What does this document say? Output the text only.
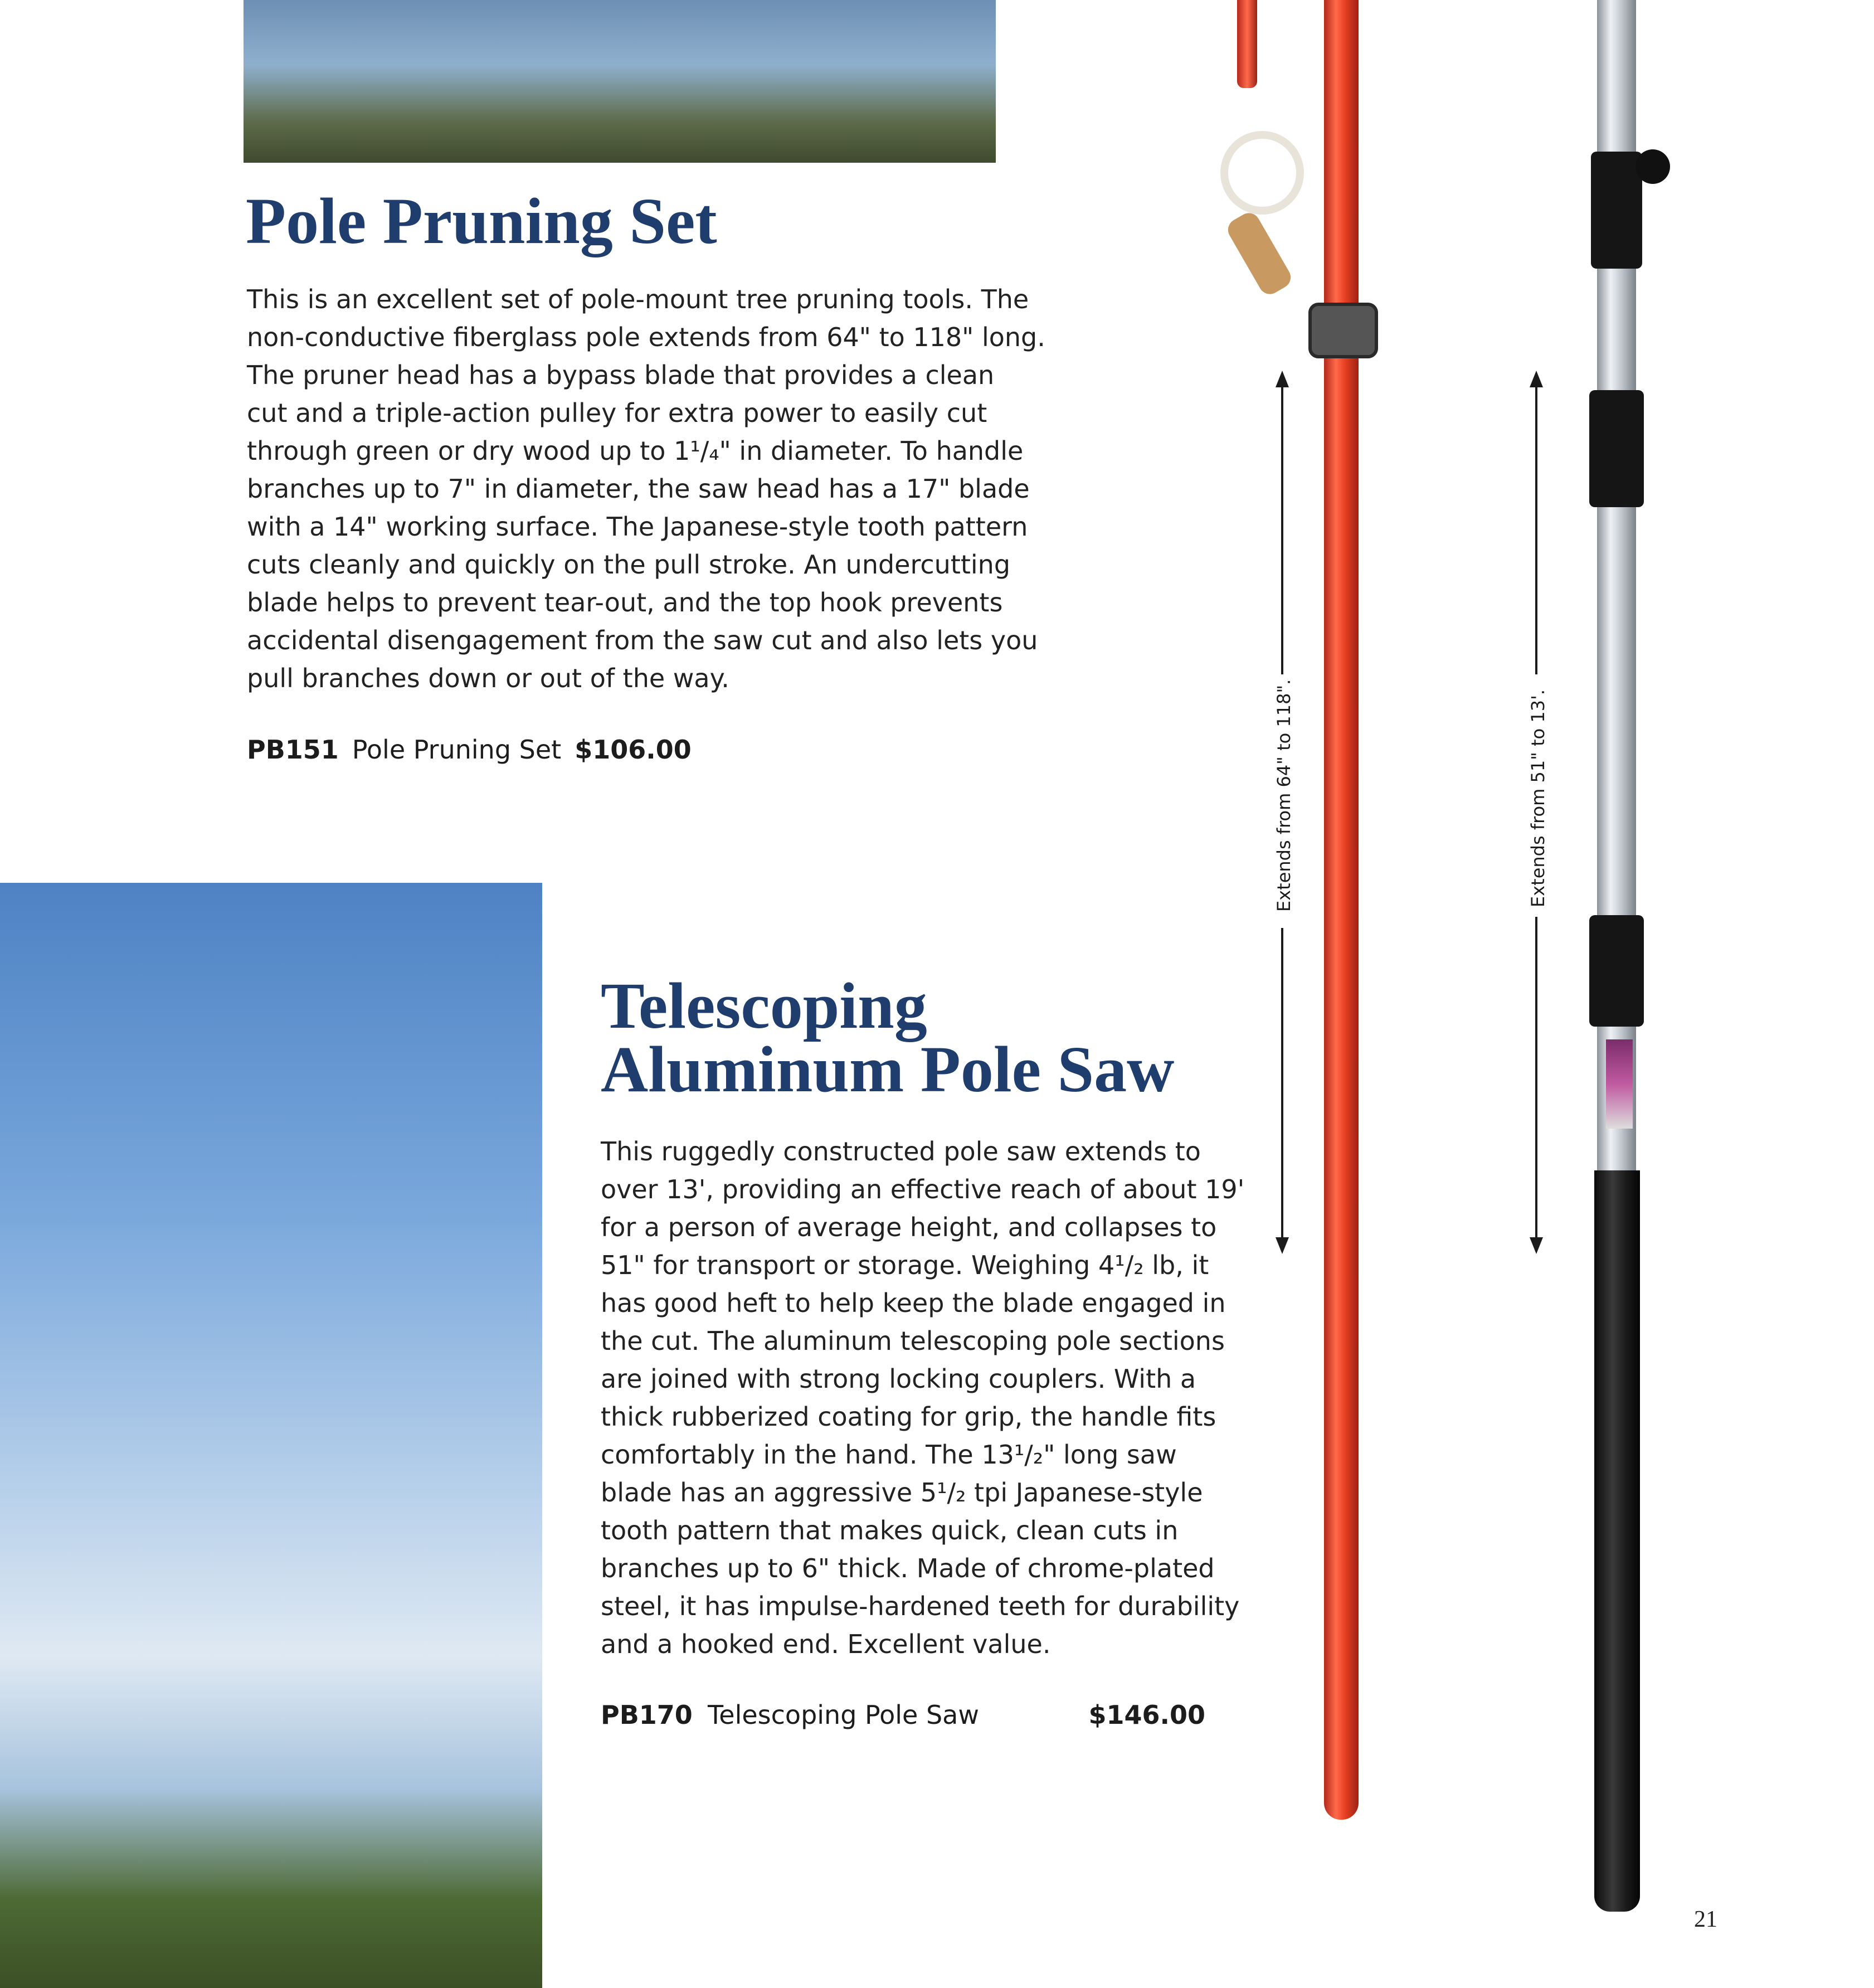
Pole Pruning Set
This is an excellent set of pole-mount tree pruning tools. The
non-conductive fiberglass pole extends from 64" to 118" long.
The pruner head has a bypass blade that provides a clean
cut and a triple-action pulley for extra power to easily cut
through green or dry wood up to 1¹/₄" in diameter. To handle
branches up to 7" in diameter, the saw head has a 17" blade
with a 14" working surface. The Japanese-style tooth pattern
cuts cleanly and quickly on the pull stroke. An undercutting
blade helps to prevent tear-out, and the top hook prevents
accidental disengagement from the saw cut and also lets you
pull branches down or out of the way.
PB151 Pole Pruning Set $106.00
Telescoping
Aluminum Pole Saw
This ruggedly constructed pole saw extends to
over 13', providing an effective reach of about 19'
for a person of average height, and collapses to
51" for transport or storage. Weighing 4¹/₂ lb, it
has good heft to help keep the blade engaged in
the cut. The aluminum telescoping pole sections
are joined with strong locking couplers. With a
thick rubberized coating for grip, the handle fits
comfortably in the hand. The 13¹/₂" long saw
blade has an aggressive 5¹/₂ tpi Japanese-style
tooth pattern that makes quick, clean cuts in
branches up to 6" thick. Made of chrome-plated
steel, it has impulse-hardened teeth for durability
and a hooked end. Excellent value.
PB170 Telescoping Pole Saw	$146.00
Extends from 64" to 118".	Extends from 51" to 13'.
21
